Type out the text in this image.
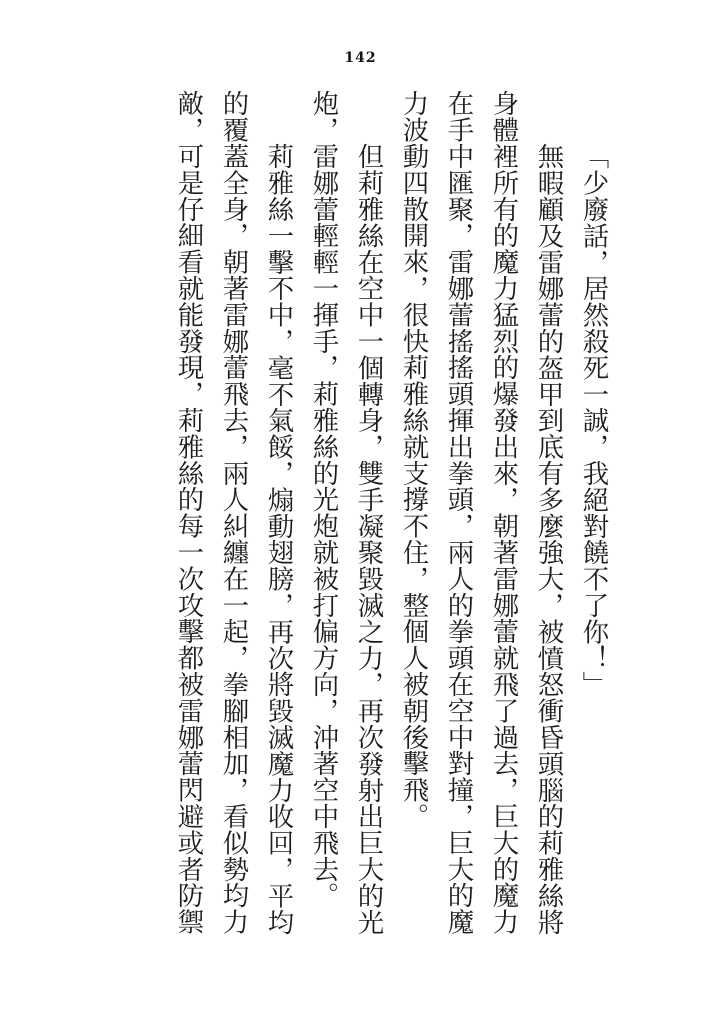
142

「少廢話，居然殺死一誠，我絕對饒不了你！」

無暇顧及雷娜蕾的盔甲到底有多麼強大，被憤怒衝昏頭腦的莉雅絲將身體裡所有的魔力猛烈的爆發出來，朝著雷娜蕾就飛了過去，巨大的魔力在手中匯聚，雷娜蕾搖搖頭揮出拳頭，兩人的拳頭在空中對撞，巨大的魔力波動四散開來，很快莉雅絲就支撐不住，整個人被朝後擊飛。

但莉雅絲在空中一個轉身，雙手凝聚毀滅之力，再次發射出巨大的光炮，雷娜蕾輕輕一揮手，莉雅絲的光炮就被打偏方向，沖著空中飛去。

莉雅絲一擊不中，毫不氣餒，煽動翅膀，再次將毀滅魔力收回，平均的覆蓋全身，朝著雷娜蕾飛去，兩人糾纏在一起，拳腳相加，看似勢均力敵，可是仔細看就能發現，莉雅絲的每一次攻擊都被雷娜蕾閃避或者防禦
